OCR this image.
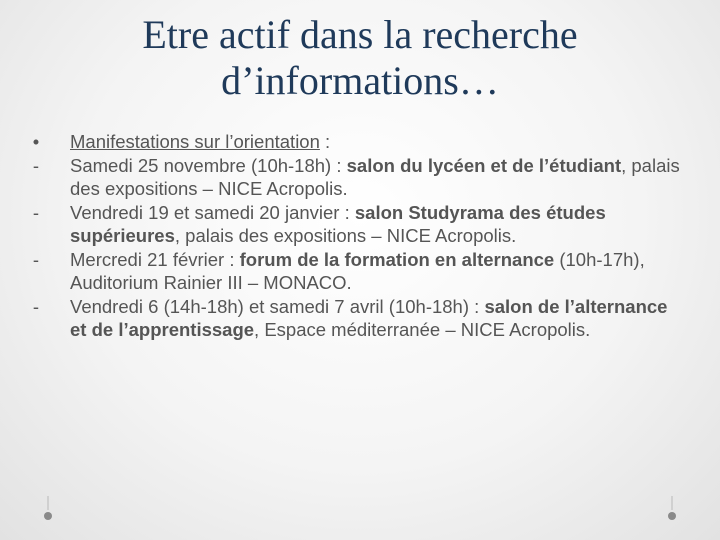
Etre actif dans la recherche
d’informations…
• Manifestations sur l’orientation :
- Samedi 25 novembre (10h-18h) : salon du lycéen et de l’étudiant, palais des expositions – NICE Acropolis.
- Vendredi 19 et samedi 20 janvier : salon Studyrama des études supérieures, palais des expositions – NICE Acropolis.
- Mercredi 21 février : forum de la formation en alternance (10h-17h), Auditorium Rainier III – MONACO.
- Vendredi 6 (14h-18h) et samedi 7 avril (10h-18h) : salon de l’alternance et de l’apprentissage, Espace méditerranée – NICE Acropolis.
